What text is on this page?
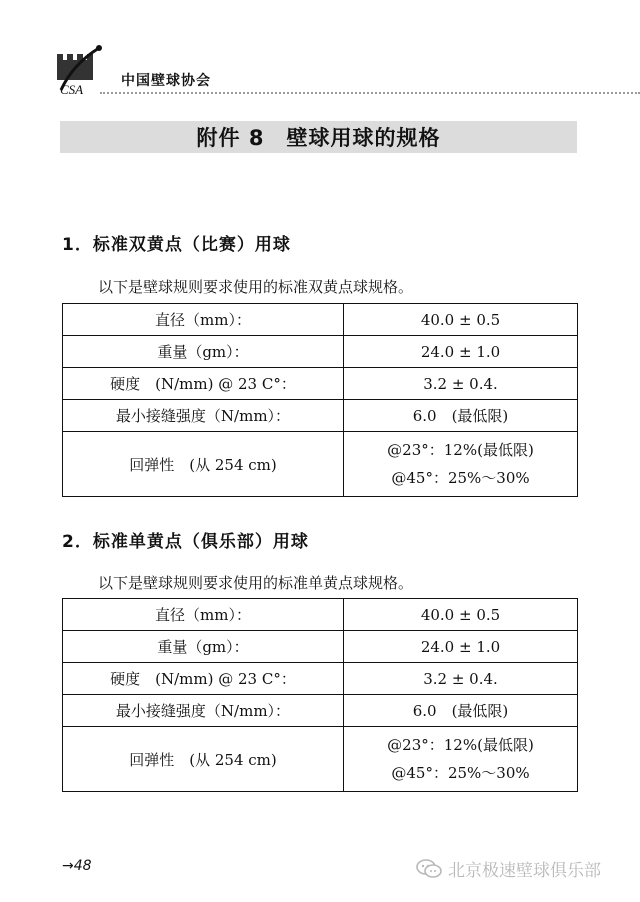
CSA
中国壁球协会
附件 8　壁球用球的规格
1．标准双黄点（比赛）用球
以下是壁球规则要求使用的标准双黄点球规格。
直径（mm）：	40.0 ± 0.5
重量（gm）：	24.0 ± 1.0
硬度　(N/mm) @ 23 C°：	3.2 ± 0.4.
最小接缝强度（N/mm）：	6.0　(最低限)
回弹性　(从 254 cm)	@23°：12%(最低限)
@45°：25%～30%
2．标准单黄点（俱乐部）用球
以下是壁球规则要求使用的标准单黄点球规格。
直径（mm）：	40.0 ± 0.5
重量（gm）：	24.0 ± 1.0
硬度　(N/mm) @ 23 C°：	3.2 ± 0.4.
最小接缝强度（N/mm）：	6.0　(最低限)
回弹性　(从 254 cm)	@23°：12%(最低限)
@45°：25%～30%
→48	北京极速壁球俱乐部
